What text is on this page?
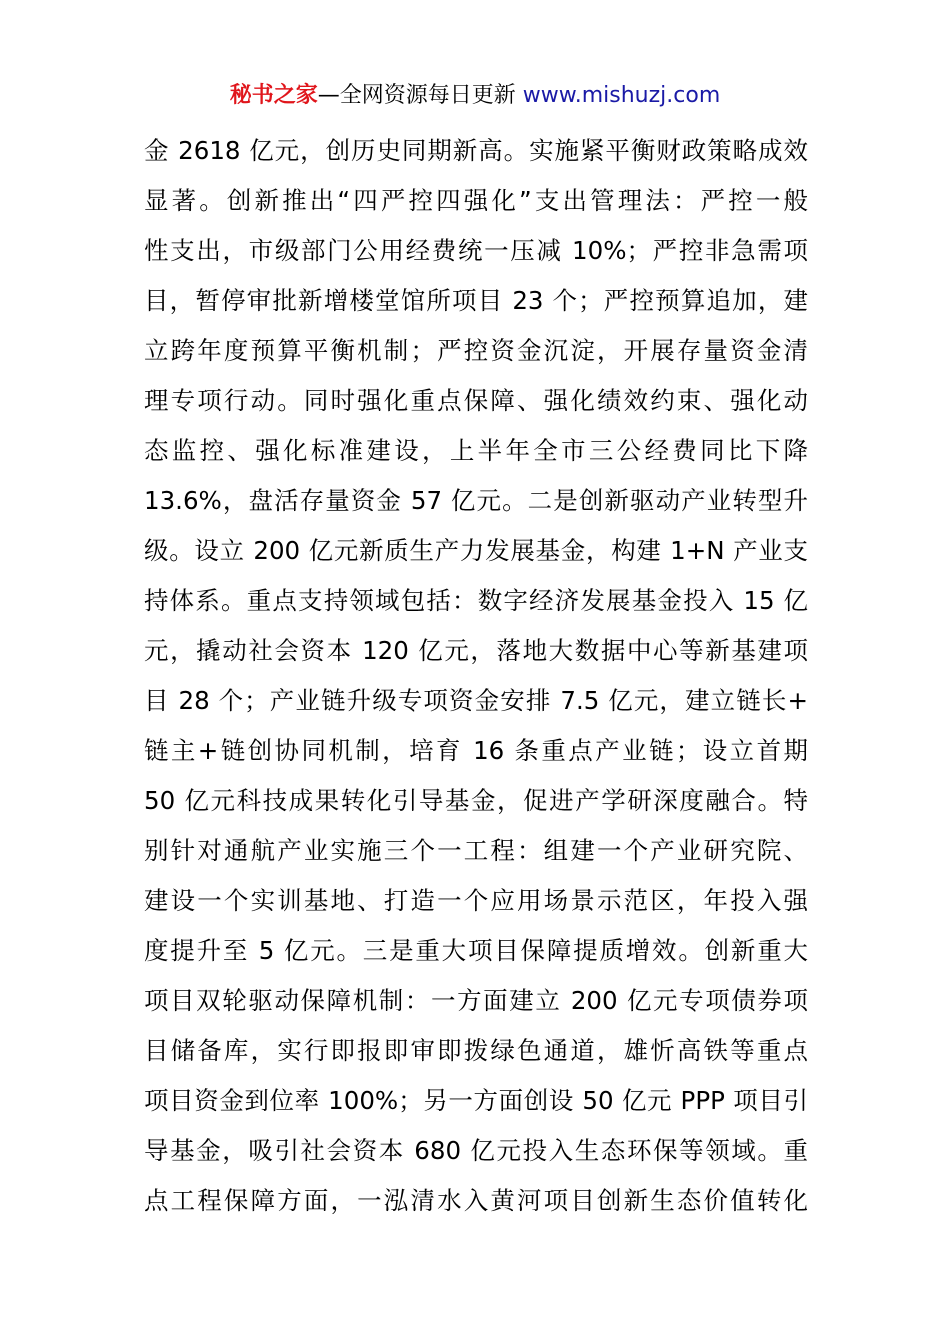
秘书之家—全网资源每日更新 www.mishuzj.com
金 2618 亿元，创历史同期新高。实施紧平衡财政策略成效
显著。创新推出“四严控四强化”支出管理法：严控一般
性支出，市级部门公用经费统一压减 10%；严控非急需项
目，暂停审批新增楼堂馆所项目 23 个；严控预算追加，建
立跨年度预算平衡机制；严控资金沉淀，开展存量资金清
理专项行动。同时强化重点保障、强化绩效约束、强化动
态监控、强化标准建设，上半年全市三公经费同比下降
13.6%，盘活存量资金 57 亿元。二是创新驱动产业转型升
级。设立 200 亿元新质生产力发展基金，构建 1+N 产业支
持体系。重点支持领域包括：数字经济发展基金投入 15 亿
元，撬动社会资本 120 亿元，落地大数据中心等新基建项
目 28 个；产业链升级专项资金安排 7.5 亿元，建立链长+
链主+链创协同机制，培育 16 条重点产业链；设立首期
50 亿元科技成果转化引导基金，促进产学研深度融合。特
别针对通航产业实施三个一工程：组建一个产业研究院、
建设一个实训基地、打造一个应用场景示范区，年投入强
度提升至 5 亿元。三是重大项目保障提质增效。创新重大
项目双轮驱动保障机制：一方面建立 200 亿元专项债券项
目储备库，实行即报即审即拨绿色通道，雄忻高铁等重点
项目资金到位率 100%；另一方面创设 50 亿元 PPP 项目引
导基金，吸引社会资本 680 亿元投入生态环保等领域。重
点工程保障方面，一泓清水入黄河项目创新生态价值转化
